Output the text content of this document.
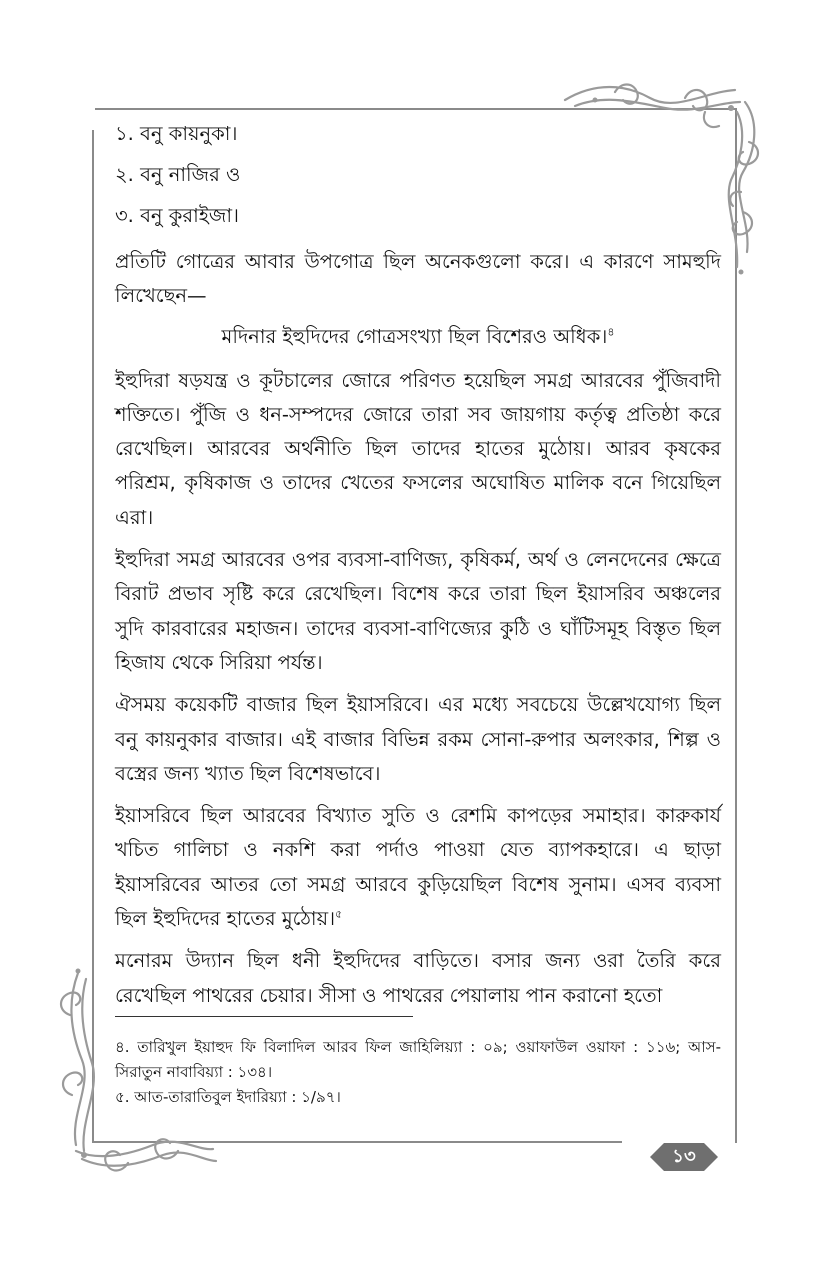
১. বনু কায়নুকা।

২. বনু নাজির ও

৩. বনু কুরাইজা।

প্রতিটি গোত্রের আবার উপগোত্র ছিল অনেকগুলো করে। এ কারণে সামহুদি লিখেছেন—

মদিনার ইহুদিদের গোত্রসংখ্যা ছিল বিশেরও অধিক।$^৪$

ইহুদিরা ষড়যন্ত্র ও কূটচালের জোরে পরিণত হয়েছিল সমগ্র আরবের পুঁজিবাদী শক্তিতে। পুঁজি ও ধন-সম্পদের জোরে তারা সব জায়গায় কর্তৃত্ব প্রতিষ্ঠা করে রেখেছিল। আরবের অর্থনীতি ছিল তাদের হাতের মুঠোয়। আরব কৃষকের পরিশ্রম, কৃষিকাজ ও তাদের খেতের ফসলের অঘোষিত মালিক বনে গিয়েছিল এরা।

ইহুদিরা সমগ্র আরবের ওপর ব্যবসা-বাণিজ্য, কৃষিকর্ম, অর্থ ও লেনদেনের ক্ষেত্রে বিরাট প্রভাব সৃষ্টি করে রেখেছিল। বিশেষ করে তারা ছিল ইয়াসরিব অঞ্চলের সুদি কারবারের মহাজন। তাদের ব্যবসা-বাণিজ্যের কুঠি ও ঘাঁটিসমূহ বিস্তৃত ছিল হিজায থেকে সিরিয়া পর্যন্ত।

ঐসময় কয়েকটি বাজার ছিল ইয়াসরিবে। এর মধ্যে সবচেয়ে উল্লেখযোগ্য ছিল বনু কায়নুকার বাজার। এই বাজার বিভিন্ন রকম সোনা-রুপার অলংকার, শিল্প ও বস্ত্রের জন্য খ্যাত ছিল বিশেষভাবে।

ইয়াসরিবে ছিল আরবের বিখ্যাত সুতি ও রেশমি কাপড়ের সমাহার। কারুকার্য খচিত গালিচা ও নকশি করা পর্দাও পাওয়া যেত ব্যাপকহারে। এ ছাড়া ইয়াসরিবের আতর তো সমগ্র আরবে কুড়িয়েছিল বিশেষ সুনাম। এসব ব্যবসা ছিল ইহুদিদের হাতের মুঠোয়।$^৫$

মনোরম উদ্যান ছিল ধনী ইহুদিদের বাড়িতে। বসার জন্য ওরা তৈরি করে রেখেছিল পাথরের চেয়ার। সীসা ও পাথরের পেয়ালায় পান করানো হতো

৪. তারিখুল ইয়াহুদ ফি বিলাদিল আরব ফিল জাহিলিয়্যা : ০৯; ওয়াফাউল ওয়াফা : ১১৬; আস-সিরাতুন নাবাবিয়্যা : ১৩৪।

৫. আত-তারাতিবুল ইদারিয়্যা : ১/৯৭।

১৩
